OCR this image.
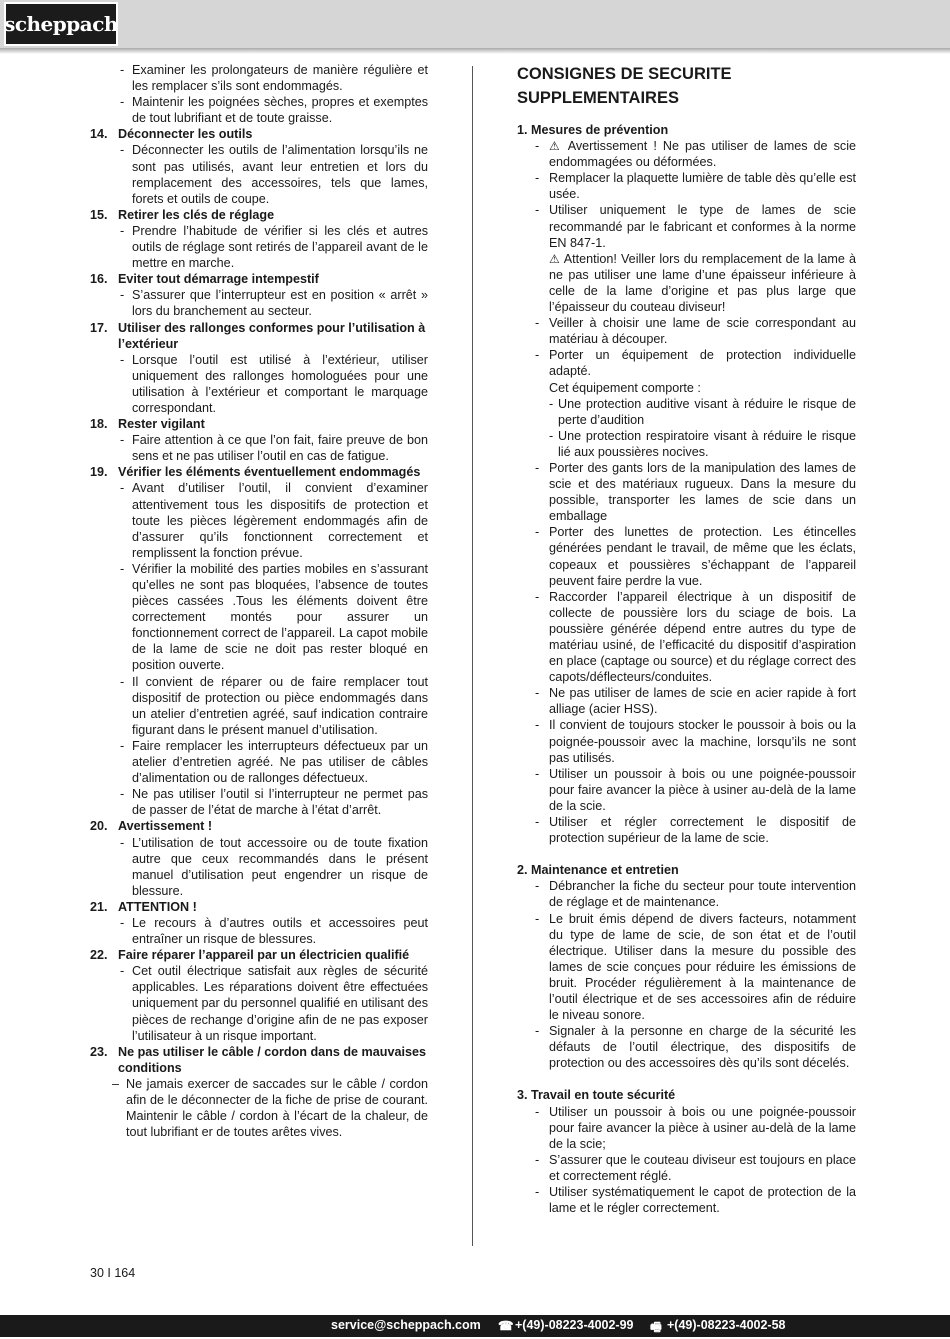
scheppach
- Examiner les prolongateurs de manière régulière et les remplacer s’ils sont endommagés.
- Maintenir les poignées sèches, propres et exemptes de tout lubrifiant et de toute graisse.
14. Déconnecter les outils
- Déconnecter les outils de l’alimentation lorsqu’ils ne sont pas utilisés, avant leur entretien et lors du remplacement des accessoires, tels que lames, forets et outils de coupe.
15. Retirer les clés de réglage
- Prendre l’habitude de vérifier si les clés et autres outils de réglage sont retirés de l’appareil avant de le mettre en marche.
16. Eviter tout démarrage intempestif
- S’assurer que l’interrupteur est en position « arrêt » lors du branchement au secteur.
17. Utiliser des rallonges conformes pour l’utilisation à l’extérieur
- Lorsque l’outil est utilisé à l’extérieur, utiliser uniquement des rallonges homologuées pour une utilisation à l’extérieur et comportant le marquage correspondant.
18. Rester vigilant
- Faire attention à ce que l’on fait, faire preuve de bon sens et ne pas utiliser l’outil en cas de fatigue.
19. Vérifier les éléments éventuellement endommagés
- Avant d’utiliser l’outil, il convient d’examiner attentivement tous les dispositifs de protection et toute les pièces légèrement endommagés afin de d’assurer qu’ils fonctionnent correctement et remplissent la fonction prévue.
- Vérifier la mobilité des parties mobiles en s’assurant qu’elles ne sont pas bloquées, l’absence de toutes pièces cassées .Tous les éléments doivent être correctement montés pour assurer un fonctionnement correct de l’appareil. La capot mobile de la lame de scie ne doit pas rester bloqué en position ouverte.
- Il convient de réparer ou de faire remplacer tout dispositif de protection ou pièce endommagés dans un atelier d’entretien agréé, sauf indication contraire figurant dans le présent manuel d’utilisation.
- Faire remplacer les interrupteurs défectueux par un atelier d’entretien agréé. Ne pas utiliser de câbles d’alimentation ou de rallonges défectueux.
- Ne pas utiliser l’outil si l’interrupteur ne permet pas de passer de l’état de marche à l’état d’arrêt.
20. Avertissement !
- L’utilisation de tout accessoire ou de toute fixation autre que ceux recommandés dans le présent manuel d’utilisation peut engendrer un risque de blessure.
21. ATTENTION !
- Le recours à d’autres outils et accessoires peut entraîner un risque de blessures.
22. Faire réparer l’appareil par un électricien qualifié
- Cet outil électrique satisfait aux règles de sécurité applicables. Les réparations doivent être effectuées uniquement par du personnel qualifié en utilisant des pièces de rechange d’origine afin de ne pas exposer l’utilisateur à un risque important.
23. Ne pas utiliser le câble / cordon dans de mauvaises conditions
– Ne jamais exercer de saccades sur le câble / cordon afin de le déconnecter de la fiche de prise de courant. Maintenir le câble / cordon à l’écart de la chaleur, de tout lubrifiant er de toutes arêtes vives.
CONSIGNES DE SECURITE SUPPLEMENTAIRES
1. Mesures de prévention
- ⚠ Avertissement ! Ne pas utiliser de lames de scie endommagées ou déformées.
- Remplacer la plaquette lumière de table dès qu’elle est usée.
- Utiliser uniquement le type de lames de scie recommandé par le fabricant et conformes à la norme EN 847-1.
⚠ Attention! Veiller lors du remplacement de la lame à ne pas utiliser une lame d’une épaisseur inférieure à celle de la lame d’origine et pas plus large que l’épaisseur du couteau diviseur!
- Veiller à choisir une lame de scie correspondant au matériau à découper.
- Porter un équipement de protection individuelle adapté.
Cet équipement comporte :
- Une protection auditive visant à réduire le risque de perte d’audition
- Une protection respiratoire visant à réduire le risque lié aux poussières nocives.
- Porter des gants lors de la manipulation des lames de scie et des matériaux rugueux. Dans la mesure du possible, transporter les lames de scie dans un emballage
- Porter des lunettes de protection. Les étincelles générées pendant le travail, de même que les éclats, copeaux et poussières s’échappant de l’appareil peuvent faire perdre la vue.
- Raccorder l’appareil électrique à un dispositif de collecte de poussière lors du sciage de bois. La poussière générée dépend entre autres du type de matériau usiné, de l’efficacité du dispositif d’aspiration en place (captage ou source) et du réglage correct des capots/déflecteurs/conduites.
- Ne pas utiliser de lames de scie en acier rapide à fort alliage (acier HSS).
- Il convient de toujours stocker le poussoir à bois ou la poignée-poussoir avec la machine, lorsqu’ils ne sont pas utilisés.
- Utiliser un poussoir à bois ou une poignée-poussoir pour faire avancer la pièce à usiner au-delà de la lame de la scie.
- Utiliser et régler correctement le dispositif de protection supérieur de la lame de scie.
2. Maintenance et entretien
- Débrancher la fiche du secteur pour toute intervention de réglage et de maintenance.
- Le bruit émis dépend de divers facteurs, notamment du type de lame de scie, de son état et de l’outil électrique. Utiliser dans la mesure du possible des lames de scie conçues pour réduire les émissions de bruit. Procéder régulièrement à la maintenance de l’outil électrique et de ses accessoires afin de réduire le niveau sonore.
- Signaler à la personne en charge de la sécurité les défauts de l’outil électrique, des dispositifs de protection ou des accessoires dès qu’ils sont décelés.
3. Travail en toute sécurité
- Utiliser un poussoir à bois ou une poignée-poussoir pour faire avancer la pièce à usiner au-delà de la lame de la scie;
- S’assurer que le couteau diviseur est toujours en place et correctement réglé.
- Utiliser systématiquement le capot de protection de la lame et le régler correctement.
30 I 164
service@scheppach.com ☎ +(49)-08223-4002-99 🖷 +(49)-08223-4002-58
